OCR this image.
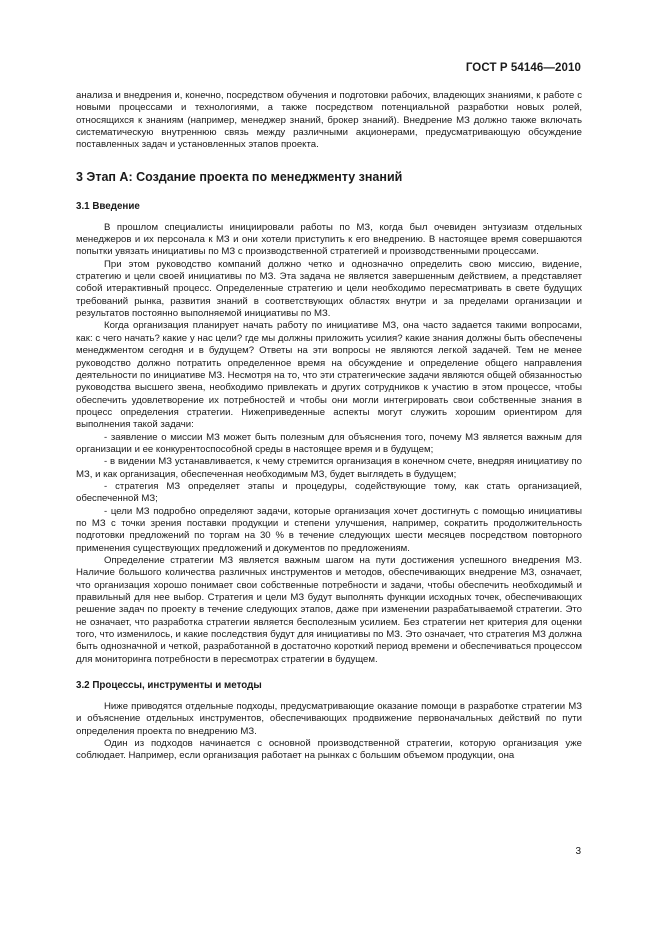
ГОСТ Р 54146—2010

анализа и внедрения и, конечно, посредством обучения и подготовки рабочих, владеющих знаниями, к работе с новыми процессами и технологиями, а также посредством потенциальной разработки новых ролей, относящихся к знаниям (например, менеджер знаний, брокер знаний). Внедрение МЗ должно также включать систематическую внутреннюю связь между различными акционерами, предусматривающую обсуждение поставленных задач и установленных этапов проекта.

3 Этап А: Создание проекта по менеджменту знаний
3.1 Введение

В прошлом специалисты инициировали работы по МЗ, когда был очевиден энтузиазм отдельных менеджеров и их персонала к МЗ и они хотели приступить к его внедрению. В настоящее время совершаются попытки увязать инициативы по МЗ с производственной стратегией и производственными процессами.

При этом руководство компаний должно четко и однозначно определить свою миссию, видение, стратегию и цели своей инициативы по МЗ. Эта задача не является завершенным действием, а представляет собой итерактивный процесс. Определенные стратегию и цели необходимо пересматривать в свете будущих требований рынка, развития знаний в соответствующих областях внутри и за пределами организации и результатов постоянно выполняемой инициативы по МЗ.

Когда организация планирует начать работу по инициативе МЗ, она часто задается такими вопросами, как: с чего начать? какие у нас цели? где мы должны приложить усилия? какие знания должны быть обеспечены менеджментом сегодня и в будущем? Ответы на эти вопросы не являются легкой задачей. Тем не менее руководство должно потратить определенное время на обсуждение и определение общего направления деятельности по инициативе МЗ. Несмотря на то, что эти стратегические задачи являются общей обязанностью руководства высшего звена, необходимо привлекать и других сотрудников к участию в этом процессе, чтобы обеспечить удовлетворение их потребностей и чтобы они могли интегрировать свои собственные знания в процесс определения стратегии. Нижеприведенные аспекты могут служить хорошим ориентиром для выполнения такой задачи:

- заявление о миссии МЗ может быть полезным для объяснения того, почему МЗ является важным для организации и ее конкурентоспособной среды в настоящее время и в будущем;

- в видении МЗ устанавливается, к чему стремится организация в конечном счете, внедряя инициативу по МЗ, и как организация, обеспеченная необходимым МЗ, будет выглядеть в будущем;

- стратегия МЗ определяет этапы и процедуры, содействующие тому, как стать организацией, обеспеченной МЗ;

- цели МЗ подробно определяют задачи, которые организация хочет достигнуть с помощью инициативы по МЗ с точки зрения поставки продукции и степени улучшения, например, сократить продолжительность подготовки предложений по торгам на 30 % в течение следующих шести месяцев посредством повторного применения существующих предложений и документов по предложениям.

Определение стратегии МЗ является важным шагом на пути достижения успешного внедрения МЗ. Наличие большого количества различных инструментов и методов, обеспечивающих внедрение МЗ, означает, что организация хорошо понимает свои собственные потребности и задачи, чтобы обеспечить необходимый и правильный для нее выбор. Стратегия и цели МЗ будут выполнять функции исходных точек, обеспечивающих решение задач по проекту в течение следующих этапов, даже при изменении разрабатываемой стратегии. Это не означает, что разработка стратегии является бесполезным усилием. Без стратегии нет критерия для оценки того, что изменилось, и какие последствия будут для инициативы по МЗ. Это означает, что стратегия МЗ должна быть однозначной и четкой, разработанной в достаточно короткий период времени и обеспечиваться процессом для мониторинга потребности в пересмотрах стратегии в будущем.

3.2 Процессы, инструменты и методы

Ниже приводятся отдельные подходы, предусматривающие оказание помощи в разработке стратегии МЗ и объяснение отдельных инструментов, обеспечивающих продвижение первоначальных действий по пути определения проекта по внедрению МЗ.

Один из подходов начинается с основной производственной стратегии, которую организация уже соблюдает. Например, если организация работает на рынках с большим объемом продукции, она

3
